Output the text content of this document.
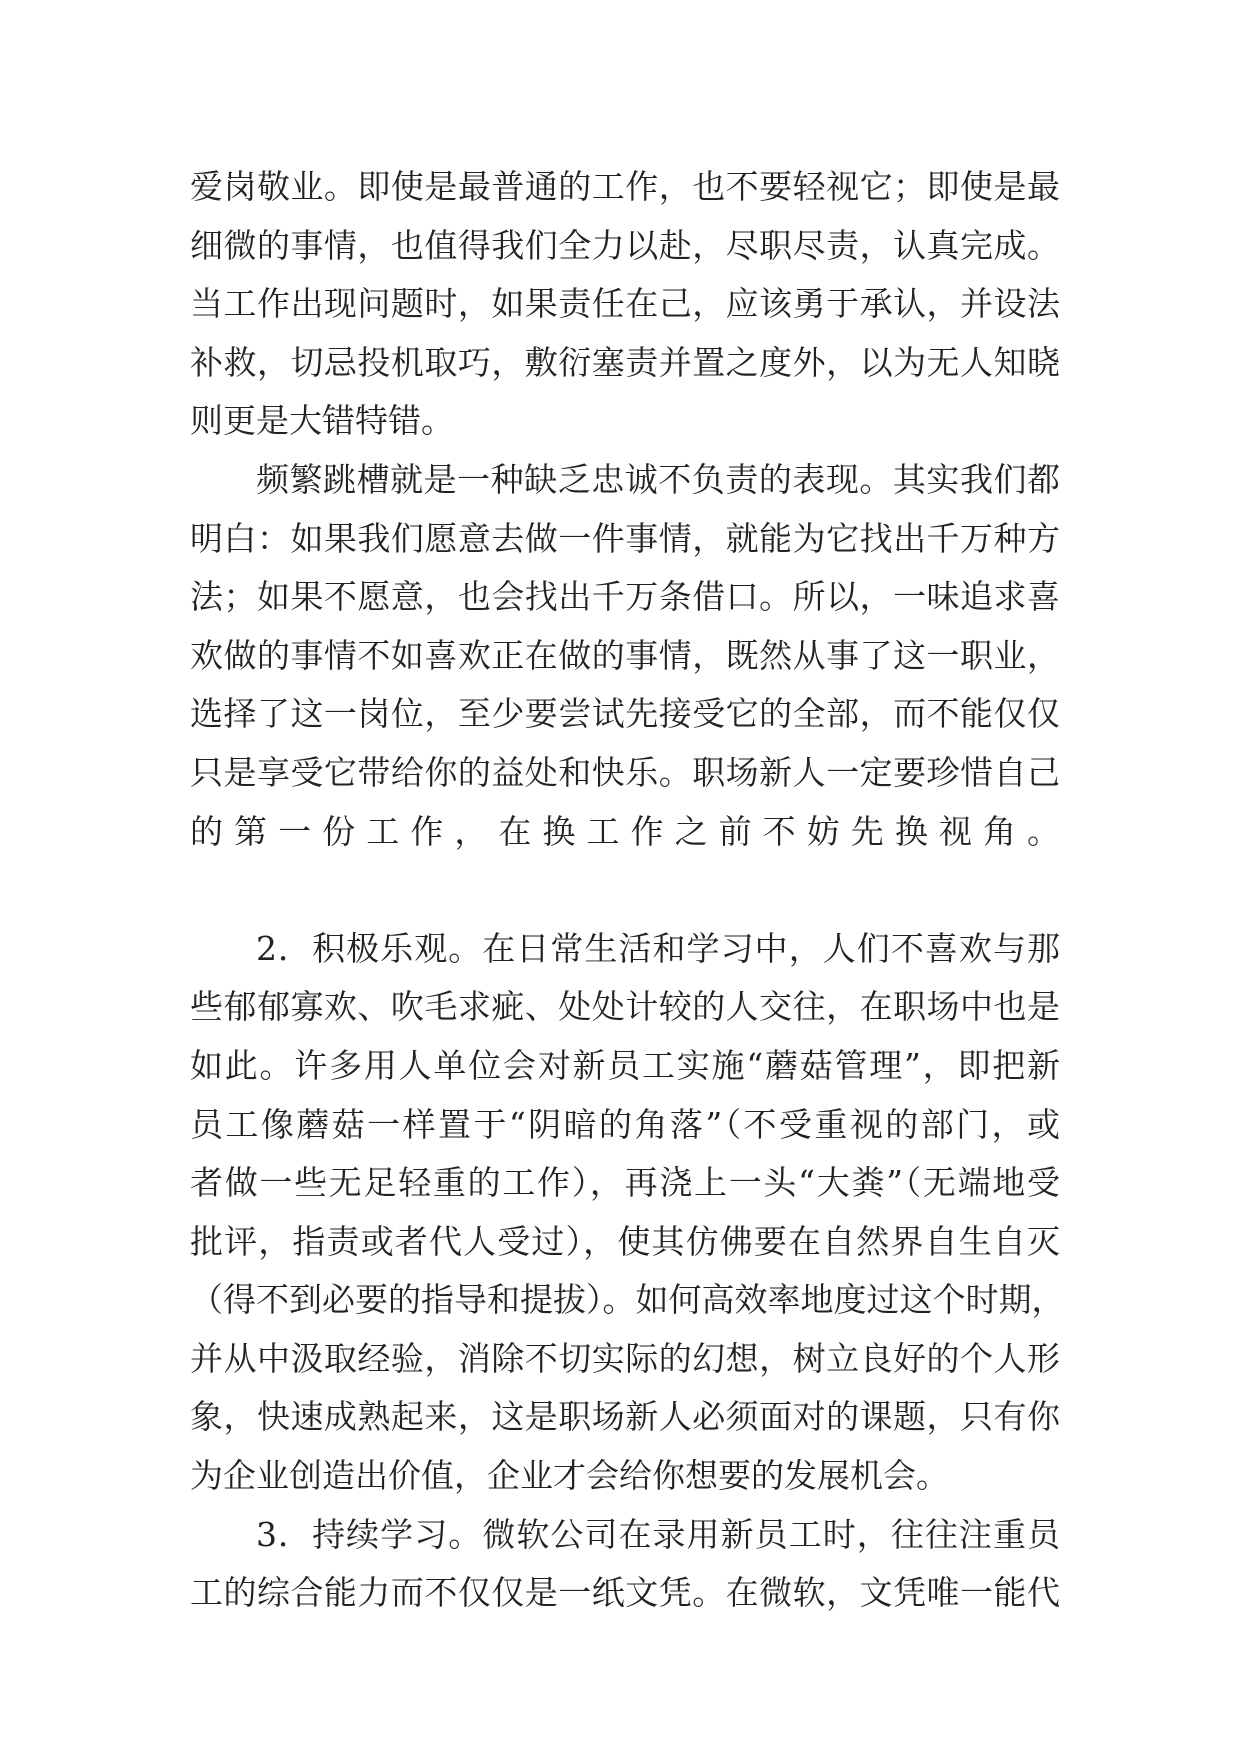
爱岗敬业。即使是最普通的工作，也不要轻视它；即使是最
细微的事情，也值得我们全力以赴，尽职尽责，认真完成。
当工作出现问题时，如果责任在己，应该勇于承认，并设法
补救，切忌投机取巧，敷衍塞责并置之度外，以为无人知晓
则更是大错特错。
频繁跳槽就是一种缺乏忠诚不负责的表现。其实我们都
明白：如果我们愿意去做一件事情，就能为它找出千万种方
法；如果不愿意，也会找出千万条借口。所以，一味追求喜
欢做的事情不如喜欢正在做的事情，既然从事了这一职业，
选择了这一岗位，至少要尝试先接受它的全部，而不能仅仅
只是享受它带给你的益处和快乐。职场新人一定要珍惜自己
的第一份工作，在换工作之前不妨先换视角。
2．积极乐观。在日常生活和学习中，人们不喜欢与那
些郁郁寡欢、吹毛求疵、处处计较的人交往，在职场中也是
如此。许多用人单位会对新员工实施“蘑菇管理”，即把新
员工像蘑菇一样置于“阴暗的角落”（不受重视的部门，或
者做一些无足轻重的工作），再浇上一头“大粪”（无端地受
批评，指责或者代人受过），使其仿佛要在自然界自生自灭
（得不到必要的指导和提拔）。如何高效率地度过这个时期，
并从中汲取经验，消除不切实际的幻想，树立良好的个人形
象，快速成熟起来，这是职场新人必须面对的课题，只有你
为企业创造出价值，企业才会给你想要的发展机会。
3．持续学习。微软公司在录用新员工时，往往注重员
工的综合能力而不仅仅是一纸文凭。在微软，文凭唯一能代
